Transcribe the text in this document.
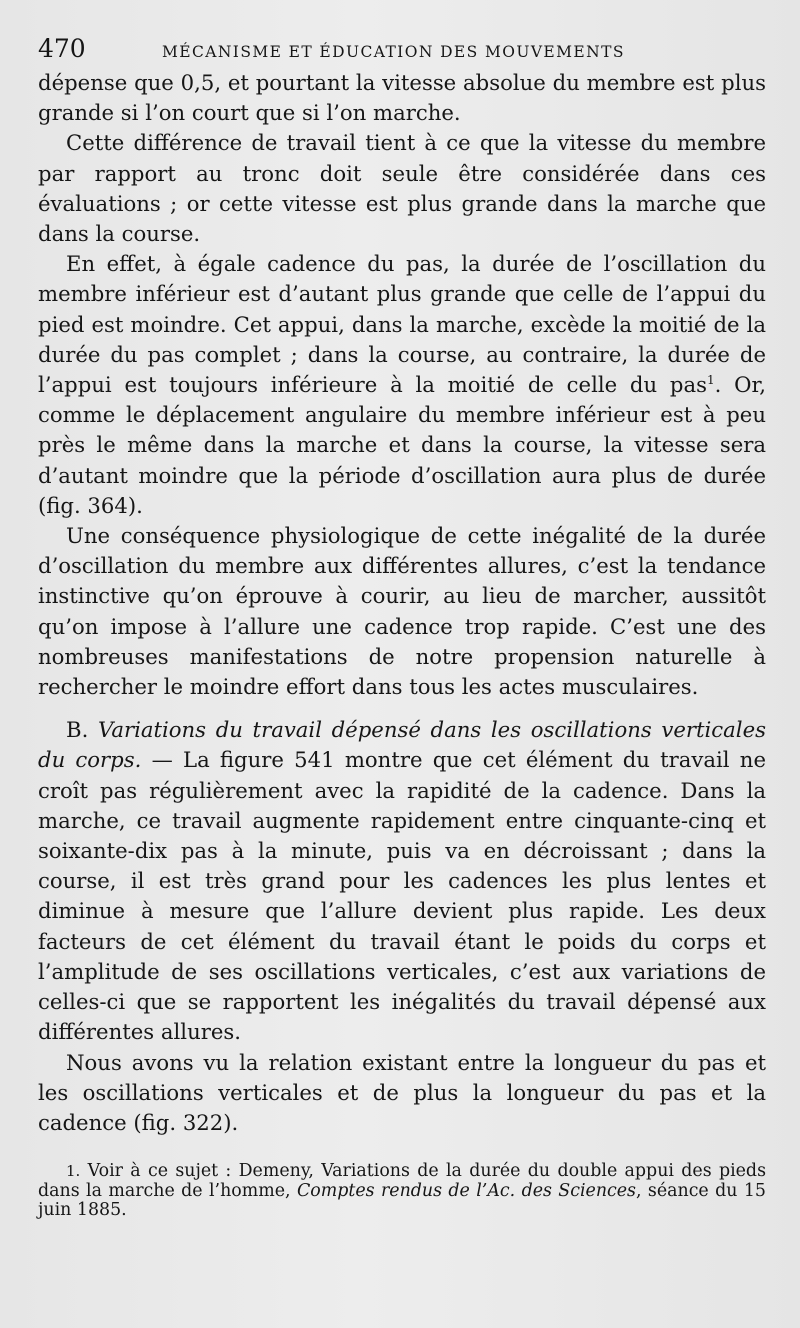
470	MÉCANISME ET ÉDUCATION DES MOUVEMENTS

dépense que 0,5, et pourtant la vitesse absolue du membre est plus grande si l’on court que si l’on marche.

Cette différence de travail tient à ce que la vitesse du membre par rapport au tronc doit seule être considérée dans ces évaluations ; or cette vitesse est plus grande dans la marche que dans la course.

En effet, à égale cadence du pas, la durée de l’oscillation du membre inférieur est d’autant plus grande que celle de l’appui du pied est moindre. Cet appui, dans la marche, excède la moitié de la durée du pas complet ; dans la course, au contraire, la durée de l’appui est toujours inférieure à la moitié de celle du pas$^1$. Or, comme le déplacement angulaire du membre inférieur est à peu près le même dans la marche et dans la course, la vitesse sera d’autant moindre que la période d’oscillation aura plus de durée (fig. 364).

Une conséquence physiologique de cette inégalité de la durée d’oscillation du membre aux différentes allures, c’est la tendance instinctive qu’on éprouve à courir, au lieu de marcher, aussitôt qu’on impose à l’allure une cadence trop rapide. C’est une des nombreuses manifestations de notre propension naturelle à rechercher le moindre effort dans tous les actes musculaires.

B. Variations du travail dépensé dans les oscillations verticales du corps. — La figure 541 montre que cet élément du travail ne croît pas régulièrement avec la rapidité de la cadence. Dans la marche, ce travail augmente rapidement entre cinquante-cinq et soixante-dix pas à la minute, puis va en décroissant ; dans la course, il est très grand pour les cadences les plus lentes et diminue à mesure que l’allure devient plus rapide. Les deux facteurs de cet élément du travail étant le poids du corps et l’amplitude de ses oscillations verticales, c’est aux variations de celles-ci que se rapportent les inégalités du travail dépensé aux différentes allures.

Nous avons vu la relation existant entre la longueur du pas et les oscillations verticales et de plus la longueur du pas et la cadence (fig. 322).

1. Voir à ce sujet : Demeny, Variations de la durée du double appui des pieds dans la marche de l’homme, Comptes rendus de l’Ac. des Sciences, séance du 15 juin 1885.
